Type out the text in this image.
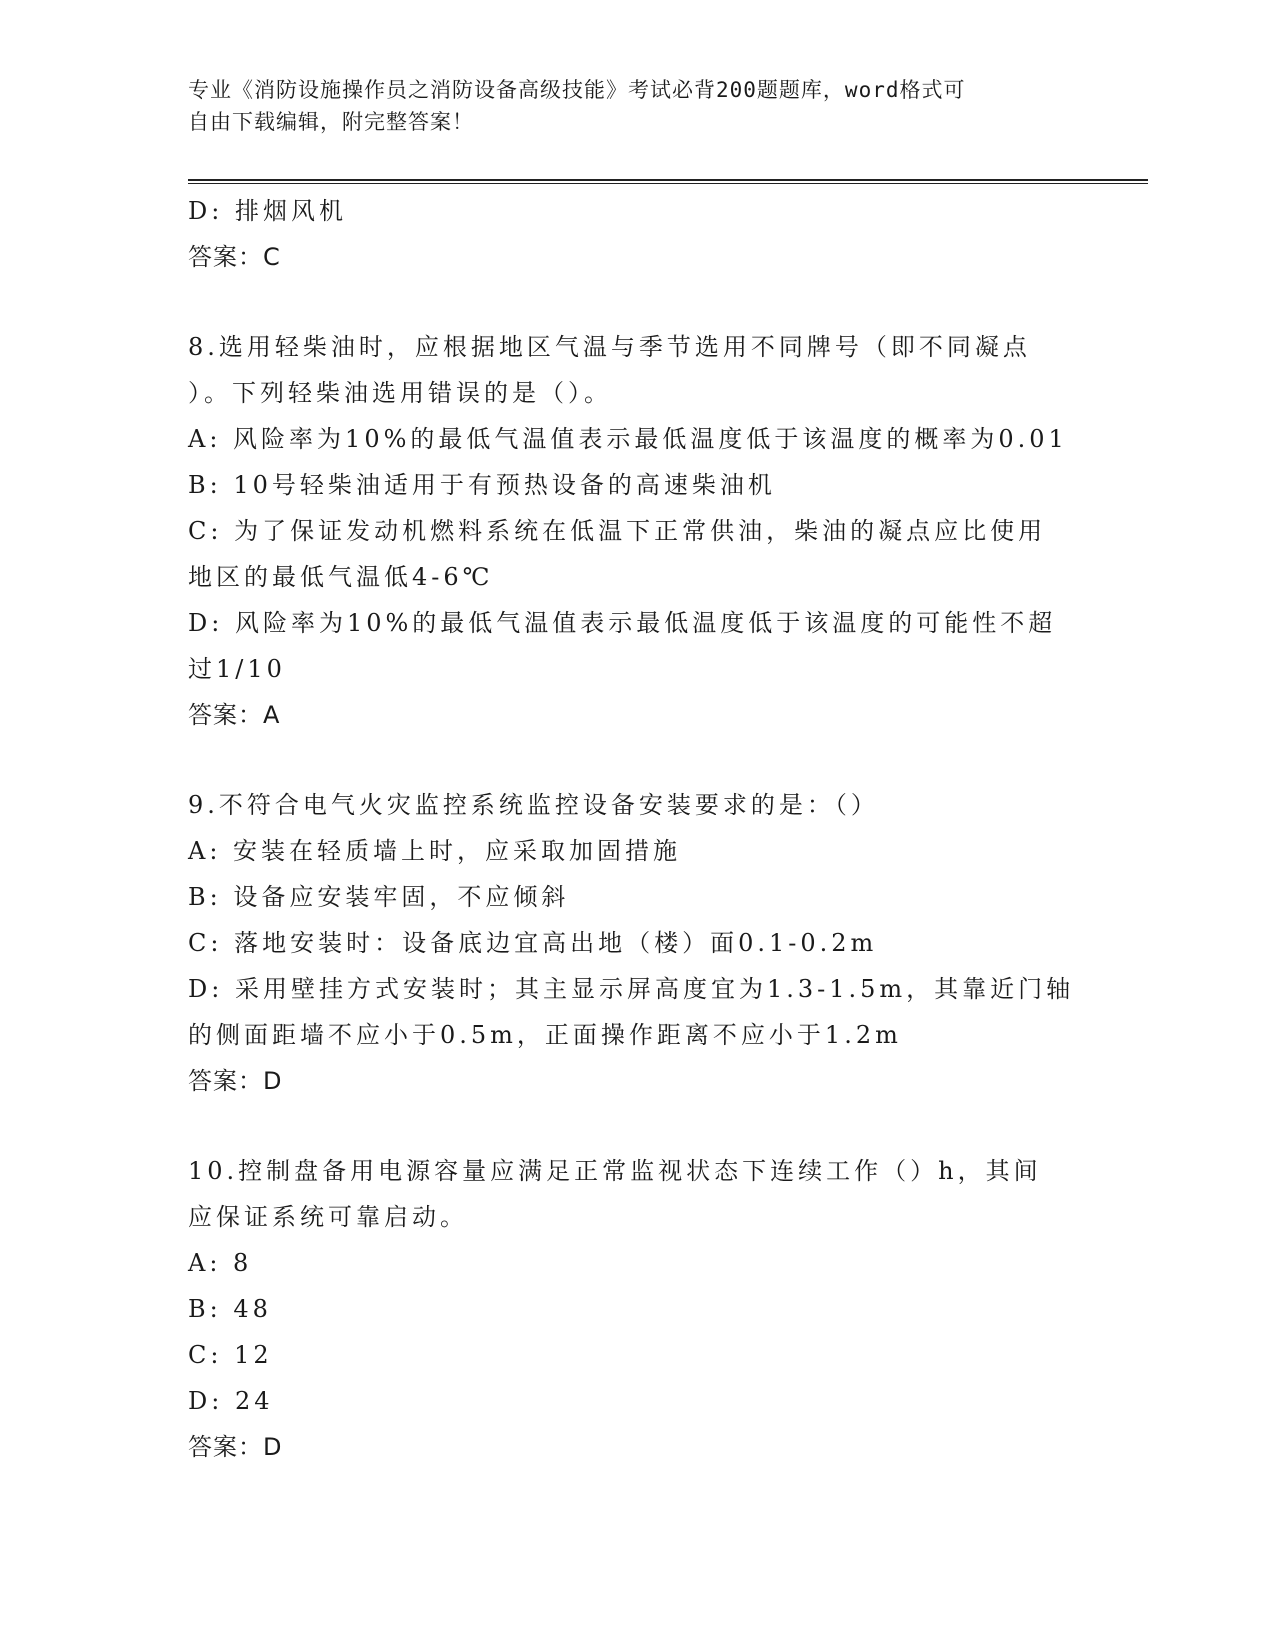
专业《消防设施操作员之消防设备高级技能》考试必背200题题库，word格式可
自由下载编辑，附完整答案！
D: 排烟风机
答案：C
8.选用轻柴油时，应根据地区气温与季节选用不同牌号（即不同凝点
）。下列轻柴油选用错误的是（）。
A: 风险率为10%的最低气温值表示最低温度低于该温度的概率为0.01
B: 10号轻柴油适用于有预热设备的高速柴油机
C: 为了保证发动机燃料系统在低温下正常供油，柴油的凝点应比使用
地区的最低气温低4-6℃
D: 风险率为10%的最低气温值表示最低温度低于该温度的可能性不超
过1/10
答案：A
9.不符合电气火灾监控系统监控设备安装要求的是：（）
A: 安装在轻质墙上时，应采取加固措施
B: 设备应安装牢固，不应倾斜
C: 落地安装时：设备底边宜高出地（楼）面0.1-0.2m
D: 采用壁挂方式安装时；其主显示屏高度宜为1.3-1.5m，其靠近门轴
的侧面距墙不应小于0.5m，正面操作距离不应小于1.2m
答案：D
10.控制盘备用电源容量应满足正常监视状态下连续工作（）h，其间
应保证系统可靠启动。
A: 8
B: 48
C: 12
D: 24
答案：D
